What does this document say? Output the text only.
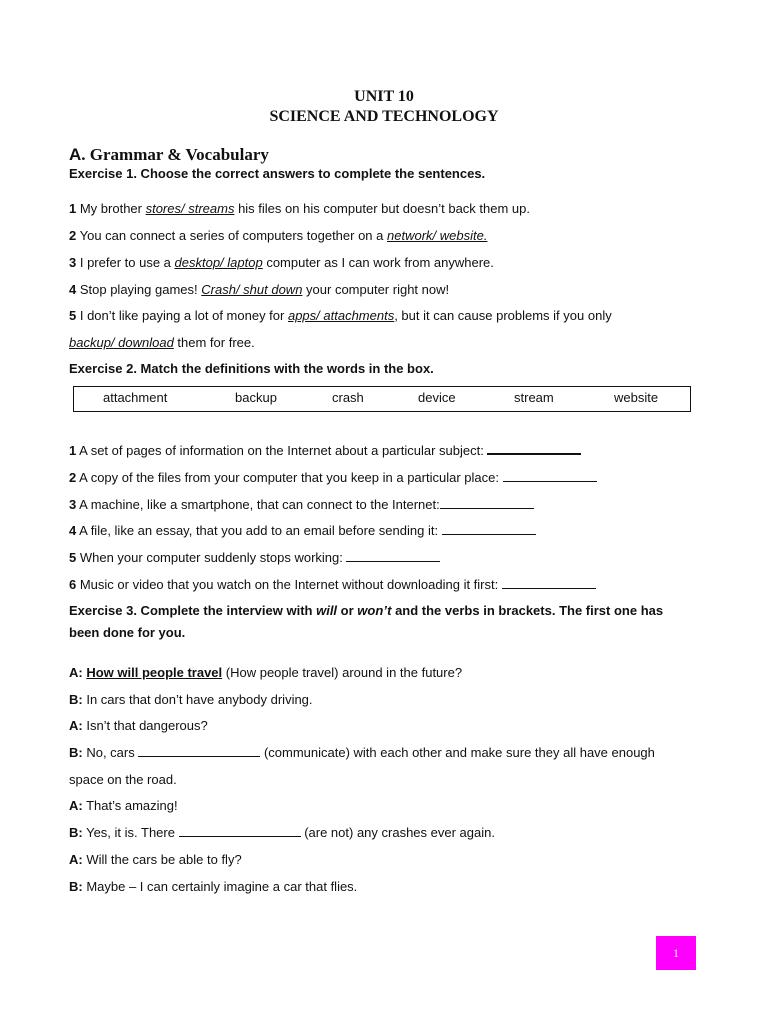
UNIT 10
SCIENCE AND TECHNOLOGY
A. Grammar & Vocabulary
Exercise 1. Choose the correct answers to complete the sentences.
1 My brother stores/ streams his files on his computer but doesn’t back them up.
2 You can connect a series of computers together on a network/ website.
3 I prefer to use a desktop/ laptop computer as I can work from anywhere.
4 Stop playing games! Crash/ shut down your computer right now!
5 I don’t like paying a lot of money for apps/ attachments, but it can cause problems if you only
backup/ download them for free.
Exercise 2. Match the definitions with the words in the box.
attachment	backup	crash	device	stream	website
1 A set of pages of information on the Internet about a particular subject:
2 A copy of the files from your computer that you keep in a particular place:
3 A machine, like a smartphone, that can connect to the Internet:
4 A file, like an essay, that you add to an email before sending it:
5 When your computer suddenly stops working:
6 Music or video that you watch on the Internet without downloading it first:
Exercise 3. Complete the interview with will or won’t and the verbs in brackets. The first one has
been done for you.
A: How will people travel (How people travel) around in the future?
B: In cars that don’t have anybody driving.
A: Isn’t that dangerous?
B: No, cars	(communicate) with each other and make sure they all have enough
space on the road.
A: That’s amazing!
B: Yes, it is. There	(are not) any crashes ever again.
A: Will the cars be able to fly?
B: Maybe – I can certainly imagine a car that flies.
1
